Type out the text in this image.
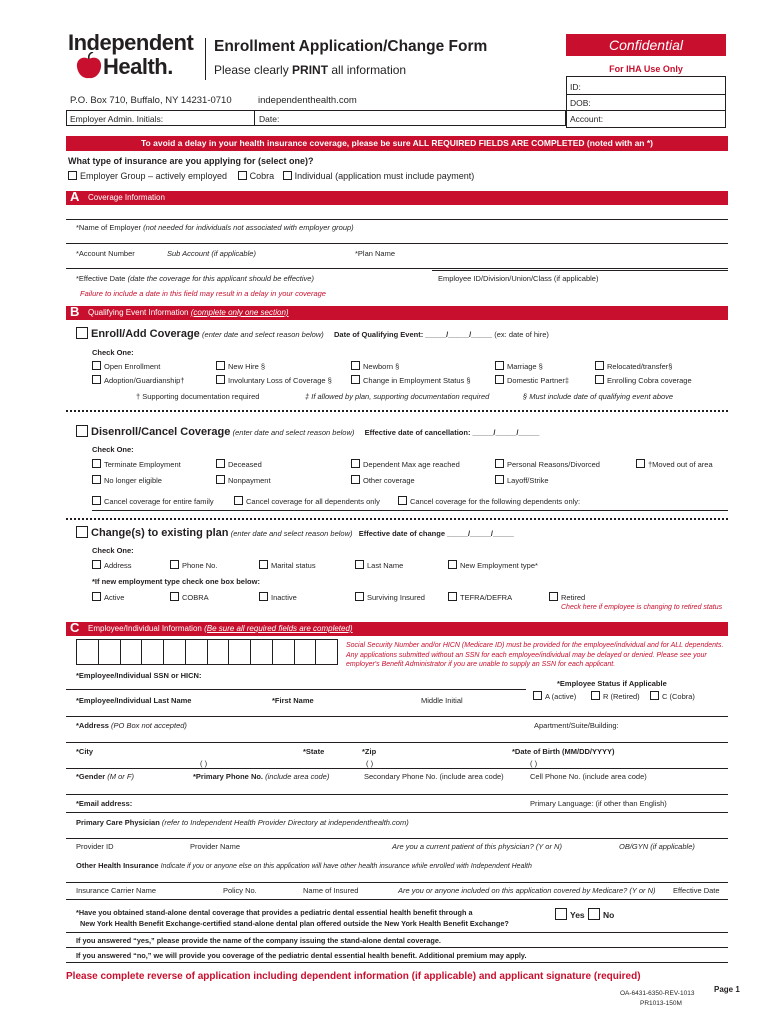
Independent
Health.
Enrollment Application/Change Form
Please clearly PRINT all information
Confidential
For IHA Use Only
ID:
DOB:
Account:
P.O. Box 710, Buffalo, NY 14231-0710	independenthealth.com
Employer Admin. Initials:	Date:
To avoid a delay in your health insurance coverage, please be sure ALL REQUIRED FIELDS ARE COMPLETED (noted with an *)
What type of insurance are you applying for (select one)?
Employer Group – actively employed	Cobra Individual (application must include payment)
A Coverage Information
*Name of Employer (not needed for individuals not associated with employer group)
*Account Number	Sub Account (if applicable)	*Plan Name
*Effective Date (date the coverage for this applicant should be effective)
Failure to include a date in this field may result in a delay in your coverage
Employee ID/Division/Union/Class (if applicable)
B Qualifying Event Information (complete only one section)
Enroll/Add Coverage (enter date and select reason below) Date of Qualifying Event: _____/_____/_____ (ex: date of hire)
Check One:
Open Enrollment	New Hire §	Newborn §	Marriage §	Relocated/transfer§
Adoption/Guardianship†	Involuntary Loss of Coverage §	Change in Employment Status §	Domestic Partner‡	Enrolling Cobra coverage
† Supporting documentation required	‡ If allowed by plan, supporting documentation required	§ Must include date of qualifying event above
Disenroll/Cancel Coverage (enter date and select reason below) Effective date of cancellation: _____/_____/_____
Check One:
Terminate Employment	Deceased	Dependent Max age reached	Personal Reasons/Divorced	†Moved out of area
No longer eligible	Nonpayment	Other coverage	Layoff/Strike
Cancel coverage for entire family	Cancel coverage for all dependents only	Cancel coverage for the following dependents only:
Change(s) to existing plan (enter date and select reason below) Effective date of change _____/_____/_____
Check One:
Address	Phone No.	Marital status	Last Name	New Employment type*
*If new employment type check one box below:
Active	COBRA	Inactive	Surviving Insured	TEFRA/DEFRA	Retired
Check here if employee is changing to retired status
C Employee/Individual Information (Be sure all required fields are completed)
Social Security Number and/or HICN (Medicare ID) must be provided for the employee/individual and for ALL dependents. Any applications submitted without an SSN for each employee/individual may be delayed or denied. Please see your employer's Benefit Administrator if you are unable to supply an SSN for each applicant.
*Employee/Individual SSN or HICN:
*Employee Status if Applicable
A (active)	R (Retired)	C (Cobra)
*Employee/Individual Last Name	*First Name	Middle Initial
*Address (PO Box not accepted)	Apartment/Suite/Building:
*City	*State	*Zip	*Date of Birth (MM/DD/YYYY)
( )	( )	( )
*Gender (M or F)	*Primary Phone No. (include area code)	Secondary Phone No. (include area code)	Cell Phone No. (include area code)
*Email address:	Primary Language: (if other than English)
Primary Care Physician (refer to Independent Health Provider Directory at independenthealth.com)
Provider ID	Provider Name	Are you a current patient of this physician? (Y or N)	OB/GYN (if applicable)
Other Health Insurance Indicate if you or anyone else on this application will have other health insurance while enrolled with Independent Health
Insurance Carrier Name	Policy No.	Name of Insured	Are you or anyone included on this application covered by Medicare? (Y or N) Effective Date
*Have you obtained stand-alone dental coverage that provides a pediatric dental essential health benefit through a
New York Health Benefit Exchange-certified stand-alone dental plan offered outside the New York Health Benefit Exchange?
Yes	No
If you answered “yes,” please provide the name of the company issuing the stand-alone dental coverage.
If you answered “no,” we will provide you coverage of the pediatric dental essential health benefit. Additional premium may apply.
Please complete reverse of application including dependent information (if applicable) and applicant signature (required)
OA-6431-6350-REV-1013
PR1013-150M
Page 1
